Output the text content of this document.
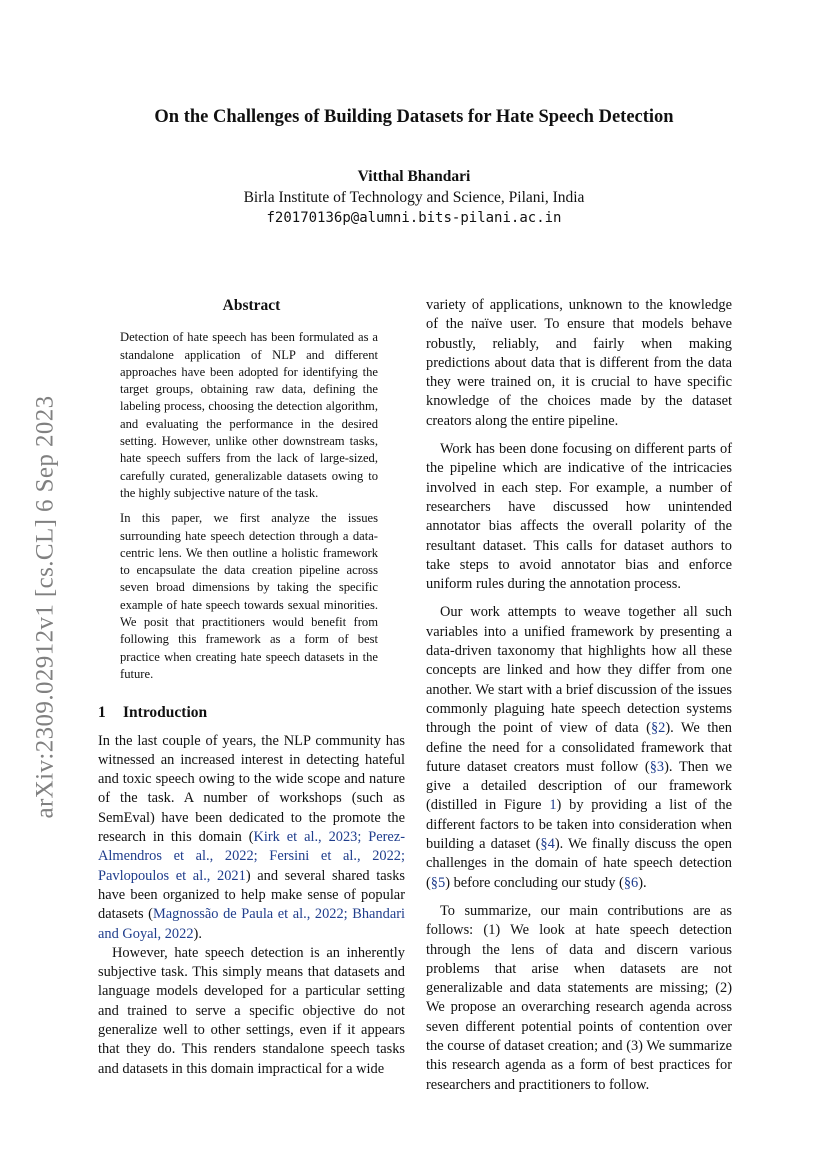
arXiv:2309.02912v1 [cs.CL] 6 Sep 2023
On the Challenges of Building Datasets for Hate Speech Detection
Vitthal Bhandari
Birla Institute of Technology and Science, Pilani, India
f20170136p@alumni.bits-pilani.ac.in

Abstract

Detection of hate speech has been formulated as a standalone application of NLP and different approaches have been adopted for identifying the target groups, obtaining raw data, defining the labeling process, choosing the detection algorithm, and evaluating the performance in the desired setting. However, unlike other downstream tasks, hate speech suffers from the lack of large-sized, carefully curated, generalizable datasets owing to the highly subjective nature of the task.

In this paper, we first analyze the issues surrounding hate speech detection through a data-centric lens. We then outline a holistic framework to encapsulate the data creation pipeline across seven broad dimensions by taking the specific example of hate speech towards sexual minorities. We posit that practitioners would benefit from following this framework as a form of best practice when creating hate speech datasets in the future.

1 Introduction

In the last couple of years, the NLP community has witnessed an increased interest in detecting hateful and toxic speech owing to the wide scope and nature of the task. A number of workshops (such as SemEval) have been dedicated to the promote the research in this domain (Kirk et al., 2023; Perez-Almendros et al., 2022; Fersini et al., 2022; Pavlopoulos et al., 2021) and several shared tasks have been organized to help make sense of popular datasets (Magnossão de Paula et al., 2022; Bhandari and Goyal, 2022).

However, hate speech detection is an inherently subjective task. This simply means that datasets and language models developed for a particular setting and trained to serve a specific objective do not generalize well to other settings, even if it appears that they do. This renders standalone speech tasks and datasets in this domain impractical for a wide

variety of applications, unknown to the knowledge of the naïve user. To ensure that models behave robustly, reliably, and fairly when making predictions about data that is different from the data they were trained on, it is crucial to have specific knowledge of the choices made by the dataset creators along the entire pipeline.

Work has been done focusing on different parts of the pipeline which are indicative of the intricacies involved in each step. For example, a number of researchers have discussed how unintended annotator bias affects the overall polarity of the resultant dataset. This calls for dataset authors to take steps to avoid annotator bias and enforce uniform rules during the annotation process.

Our work attempts to weave together all such variables into a unified framework by presenting a data-driven taxonomy that highlights how all these concepts are linked and how they differ from one another. We start with a brief discussion of the issues commonly plaguing hate speech detection systems through the point of view of data (§2). We then define the need for a consolidated framework that future dataset creators must follow (§3). Then we give a detailed description of our framework (distilled in Figure 1) by providing a list of the different factors to be taken into consideration when building a dataset (§4). We finally discuss the open challenges in the domain of hate speech detection (§5) before concluding our study (§6).

To summarize, our main contributions are as follows: (1) We look at hate speech detection through the lens of data and discern various problems that arise when datasets are not generalizable and data statements are missing; (2) We propose an overarching research agenda across seven different potential points of contention over the course of dataset creation; and (3) We summarize this research agenda as a form of best practices for researchers and practitioners to follow.
